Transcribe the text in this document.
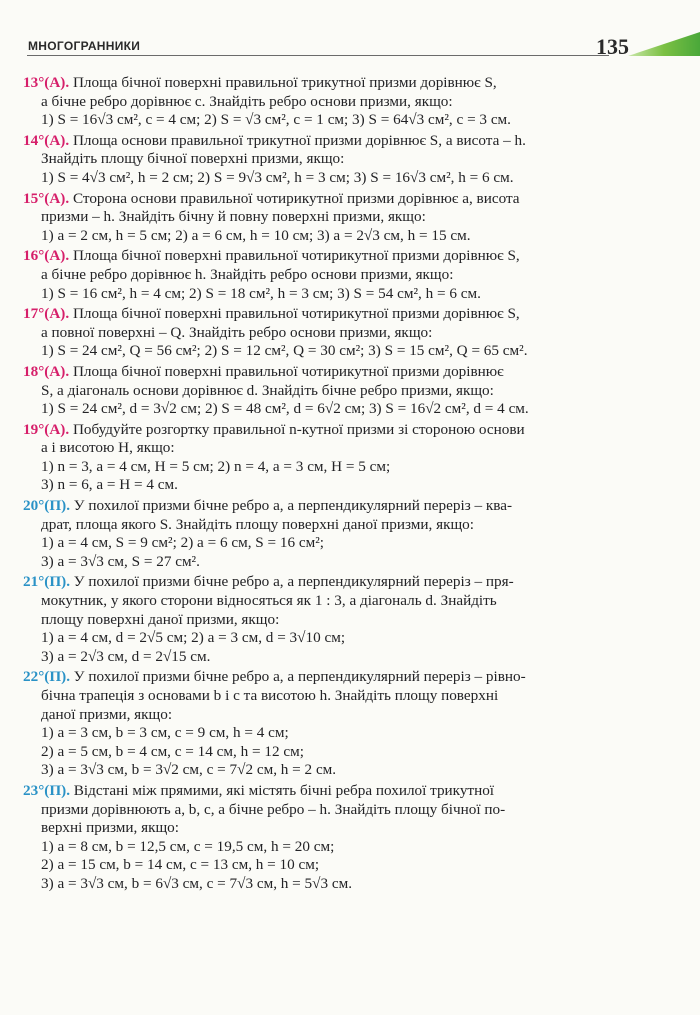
МНОГОГРАННИКИ	135

13°(А). Площа бічної поверхні правильної трикутної призми дорівнює S,

а бічне ребро дорівнює c. Знайдіть ребро основи призми, якщо:

1) S = 16√3 см², c = 4 см; 2) S = √3 см², c = 1 см; 3) S = 64√3 см², c = 3 см.

14°(А). Площа основи правильної трикутної призми дорівнює S, а висота – h.

Знайдіть площу бічної поверхні призми, якщо:

1) S = 4√3 см², h = 2 см; 2) S = 9√3 см², h = 3 см; 3) S = 16√3 см², h = 6 см.

15°(А). Сторона основи правильної чотирикутної призми дорівнює a, висота

призми – h. Знайдіть бічну й повну поверхні призми, якщо:

1) a = 2 см, h = 5 см; 2) a = 6 см, h = 10 см; 3) a = 2√3 см, h = 15 см.

16°(А). Площа бічної поверхні правильної чотирикутної призми дорівнює S,

а бічне ребро дорівнює h. Знайдіть ребро основи призми, якщо:

1) S = 16 см², h = 4 см; 2) S = 18 см², h = 3 см; 3) S = 54 см², h = 6 см.

17°(А). Площа бічної поверхні правильної чотирикутної призми дорівнює S,

а повної поверхні – Q. Знайдіть ребро основи призми, якщо:

1) S = 24 см², Q = 56 см²; 2) S = 12 см², Q = 30 см²; 3) S = 15 см², Q = 65 см².

18°(А). Площа бічної поверхні правильної чотирикутної призми дорівнює

S, а діагональ основи дорівнює d. Знайдіть бічне ребро призми, якщо:

1) S = 24 см², d = 3√2 см; 2) S = 48 см², d = 6√2 см; 3) S = 16√2 см², d = 4 см.

19°(А). Побудуйте розгортку правильної n-кутної призми зі стороною основи

a і висотою H, якщо:

1) n = 3, a = 4 см, H = 5 см; 2) n = 4, a = 3 см, H = 5 см;

3) n = 6, a = H = 4 см.

20°(П). У похилої призми бічне ребро a, а перпендикулярний переріз – ква-

драт, площа якого S. Знайдіть площу поверхні даної призми, якщо:

1) a = 4 см, S = 9 см²; 2) a = 6 см, S = 16 см²;

3) a = 3√3 см, S = 27 см².

21°(П). У похилої призми бічне ребро a, а перпендикулярний переріз – пря-

мокутник, у якого сторони відносяться як 1 : 3, а діагональ d. Знайдіть

площу поверхні даної призми, якщо:

1) a = 4 см, d = 2√5 см; 2) a = 3 см, d = 3√10 см;

3) a = 2√3 см, d = 2√15 см.

22°(П). У похилої призми бічне ребро a, а перпендикулярний переріз – рівно-

бічна трапеція з основами b і c та висотою h. Знайдіть площу поверхні

даної призми, якщо:

1) a = 3 см, b = 3 см, c = 9 см, h = 4 см;

2) a = 5 см, b = 4 см, c = 14 см, h = 12 см;

3) a = 3√3 см, b = 3√2 см, c = 7√2 см, h = 2 см.

23°(П). Відстані між прямими, які містять бічні ребра похилої трикутної

призми дорівнюють a, b, c, а бічне ребро – h. Знайдіть площу бічної по-

верхні призми, якщо:

1) a = 8 см, b = 12,5 см, c = 19,5 см, h = 20 см;

2) a = 15 см, b = 14 см, c = 13 см, h = 10 см;

3) a = 3√3 см, b = 6√3 см, c = 7√3 см, h = 5√3 см.
